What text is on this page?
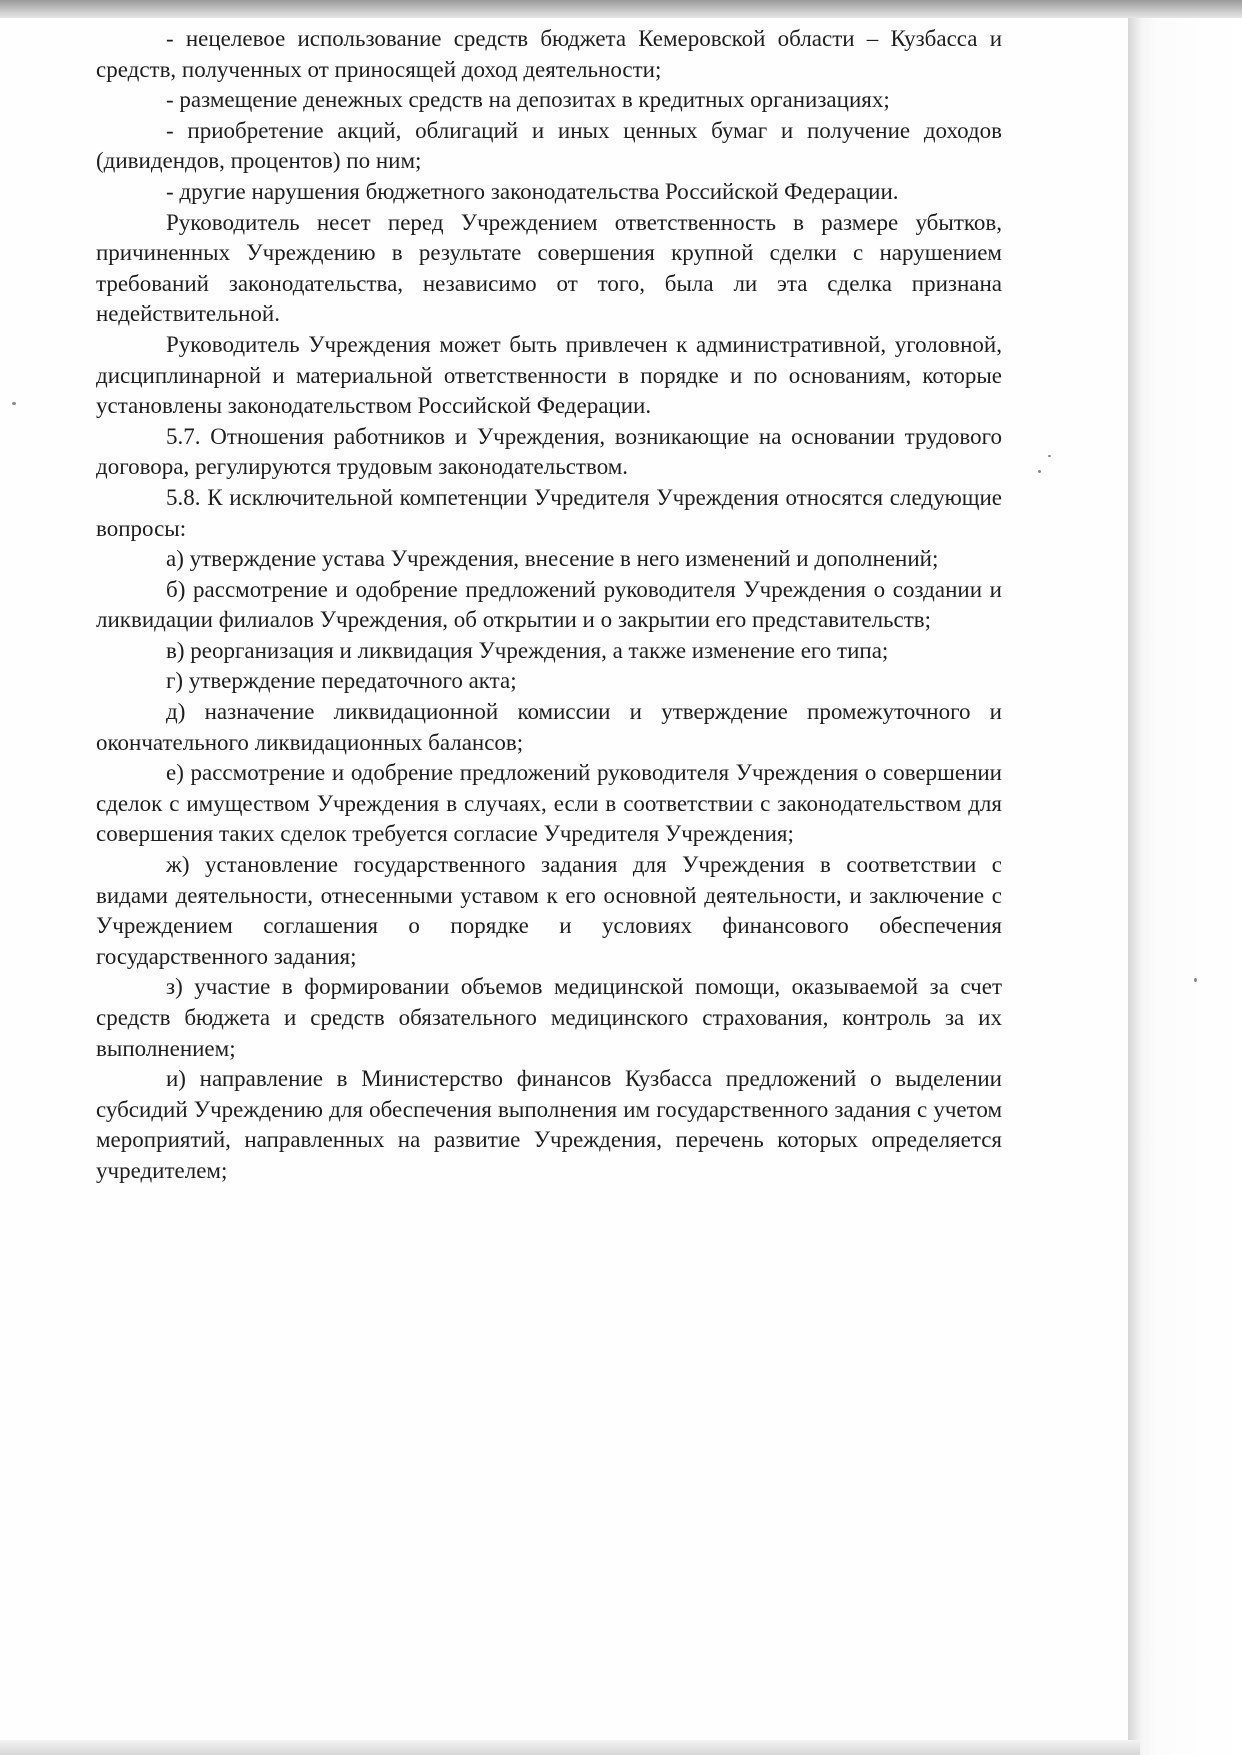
- нецелевое использование средств бюджета Кемеровской области – Кузбасса и средств, полученных от приносящей доход деятельности;

- размещение денежных средств на депозитах в кредитных организациях;

- приобретение акций, облигаций и иных ценных бумаг и получение доходов (дивидендов, процентов) по ним;

- другие нарушения бюджетного законодательства Российской Федерации.

Руководитель несет перед Учреждением ответственность в размере убытков, причиненных Учреждению в результате совершения крупной сделки с нарушением требований законодательства, независимо от того, была ли эта сделка признана недействительной.

Руководитель Учреждения может быть привлечен к административной, уголовной, дисциплинарной и материальной ответственности в порядке и по основаниям, которые установлены законодательством Российской Федерации.

5.7. Отношения работников и Учреждения, возникающие на основании трудового договора, регулируются трудовым законодательством.

5.8. К исключительной компетенции Учредителя Учреждения относятся следующие вопросы:

а) утверждение устава Учреждения, внесение в него изменений и дополнений;

б) рассмотрение и одобрение предложений руководителя Учреждения о создании и ликвидации филиалов Учреждения, об открытии и о закрытии его представительств;

в) реорганизация и ликвидация Учреждения, а также изменение его типа;

г) утверждение передаточного акта;

д) назначение ликвидационной комиссии и утверждение промежуточного и окончательного ликвидационных балансов;

е) рассмотрение и одобрение предложений руководителя Учреждения о совершении сделок с имуществом Учреждения в случаях, если в соответствии с законодательством для совершения таких сделок требуется согласие Учредителя Учреждения;

ж) установление государственного задания для Учреждения в соответствии с видами деятельности, отнесенными уставом к его основной деятельности, и заключение с Учреждением соглашения о порядке и условиях финансового обеспечения государственного задания;

з) участие в формировании объемов медицинской помощи, оказываемой за счет средств бюджета и средств обязательного медицинского страхования, контроль за их выполнением;

и) направление в Министерство финансов Кузбасса предложений о выделении субсидий Учреждению для обеспечения выполнения им государственного задания с учетом мероприятий, направленных на развитие Учреждения, перечень которых определяется учредителем;
